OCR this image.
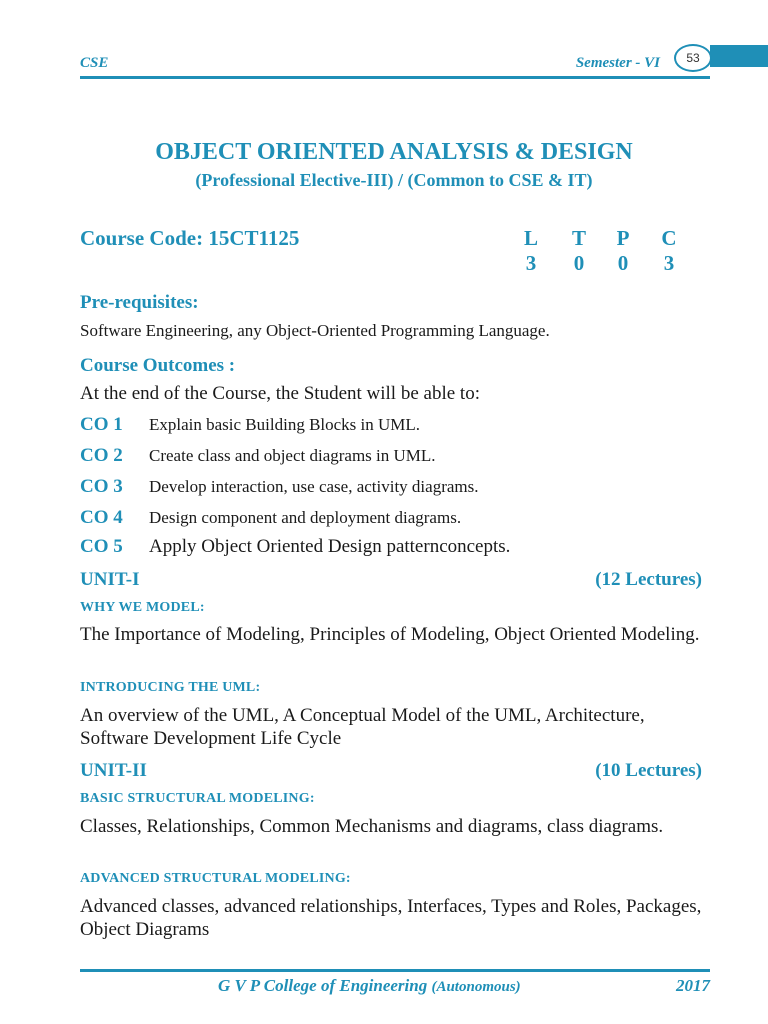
CSE	Semester - VI	53
OBJECT ORIENTED ANALYSIS & DESIGN
(Professional Elective-III) / (Common to CSE & IT)
Course Code: 15CT1125	L T P C
3	0	0	3
Pre-requisites:
Software Engineering, any Object-Oriented Programming Language.
Course Outcomes :
At the end of the Course, the Student will be able to:
CO 1	Explain basic Building Blocks in UML.
CO 2	Create class and object diagrams in UML.
CO 3	Develop interaction, use case, activity diagrams.
CO 4	Design component and deployment diagrams.
CO 5	Apply Object Oriented Design patternconcepts.
UNIT-I	(12 Lectures)
WHY WE MODEL:
The Importance of Modeling, Principles of Modeling, Object Oriented Modeling.
INTRODUCING THE UML:
An overview of the UML, A Conceptual Model of the UML, Architecture, Software Development Life Cycle
UNIT-II	(10 Lectures)
BASIC STRUCTURAL MODELING:
Classes, Relationships, Common Mechanisms and diagrams, class diagrams.
ADVANCED STRUCTURAL MODELING:
Advanced classes, advanced relationships, Interfaces, Types and Roles, Packages, Object Diagrams
G V P College of Engineering (Autonomous)	2017
